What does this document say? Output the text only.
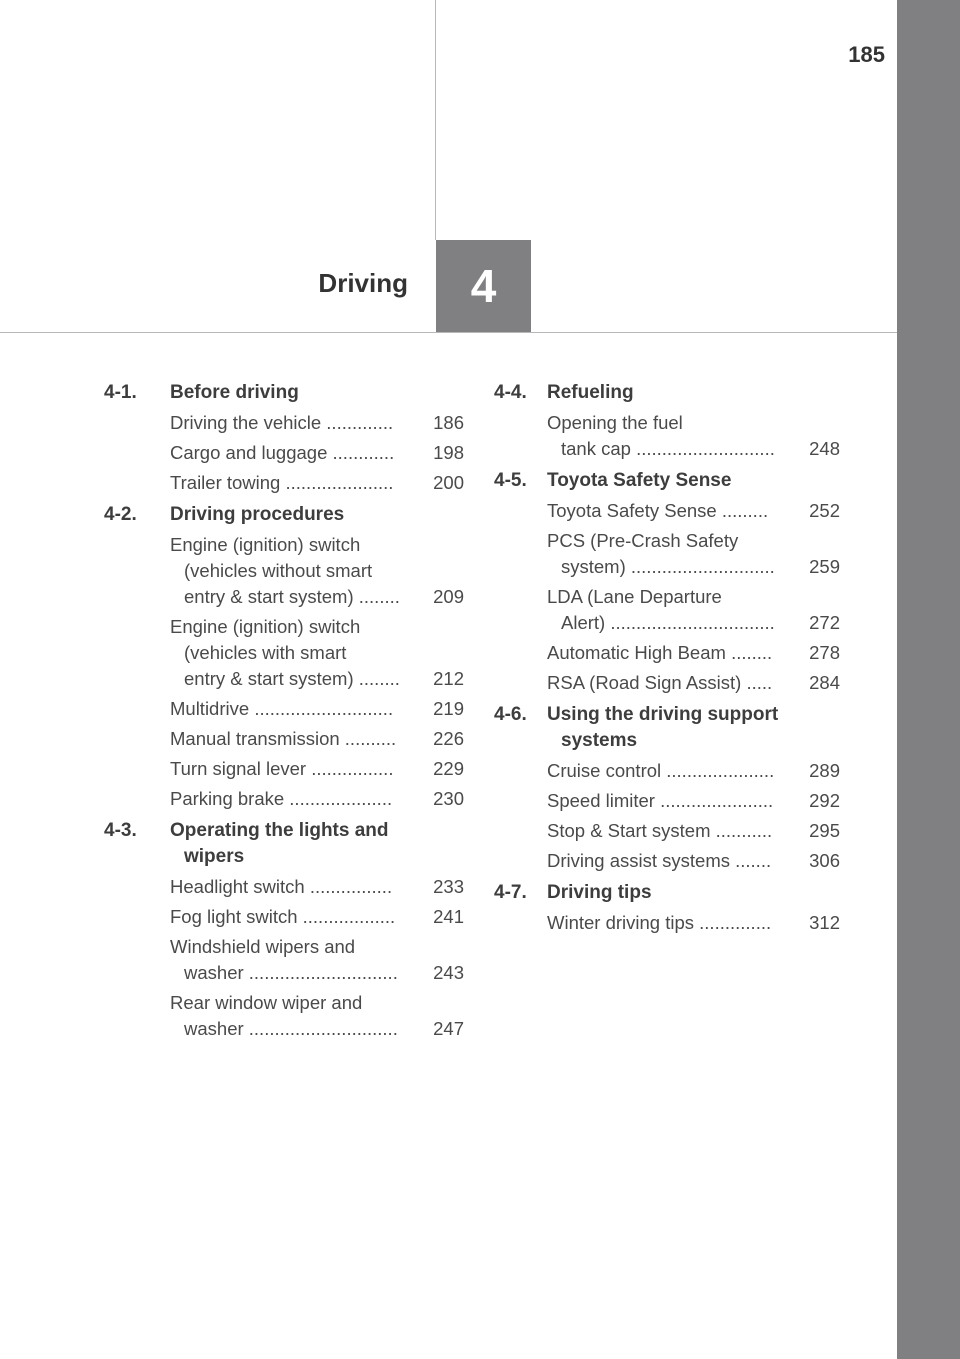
185
4
Driving
4-1.	Before driving
Driving the vehicle .............	186
Cargo and luggage ............	198
Trailer towing .....................	200
4-2.	Driving procedures
Engine (ignition) switch
(vehicles without smart
entry & start system) ........	209
Engine (ignition) switch
(vehicles with smart
entry & start system) ........	212
Multidrive ...........................	219
Manual transmission ..........	226
Turn signal lever ................	229
Parking brake ....................	230
4-3.	Operating the lights and
wipers
Headlight switch ................	233
Fog light switch ..................	241
Windshield wipers and
washer .............................	243
Rear window wiper and
washer .............................	247
4-4.	Refueling
Opening the fuel
tank cap ...........................	248
4-5.	Toyota Safety Sense
Toyota Safety Sense .........	252
PCS (Pre-Crash Safety
system) ............................	259
LDA (Lane Departure
Alert) ................................	272
Automatic High Beam ........	278
RSA (Road Sign Assist) .....	284
4-6.	Using the driving support
systems
Cruise control .....................	289
Speed limiter ......................	292
Stop & Start system ...........	295
Driving assist systems .......	306
4-7.	Driving tips
Winter driving tips ..............	312
